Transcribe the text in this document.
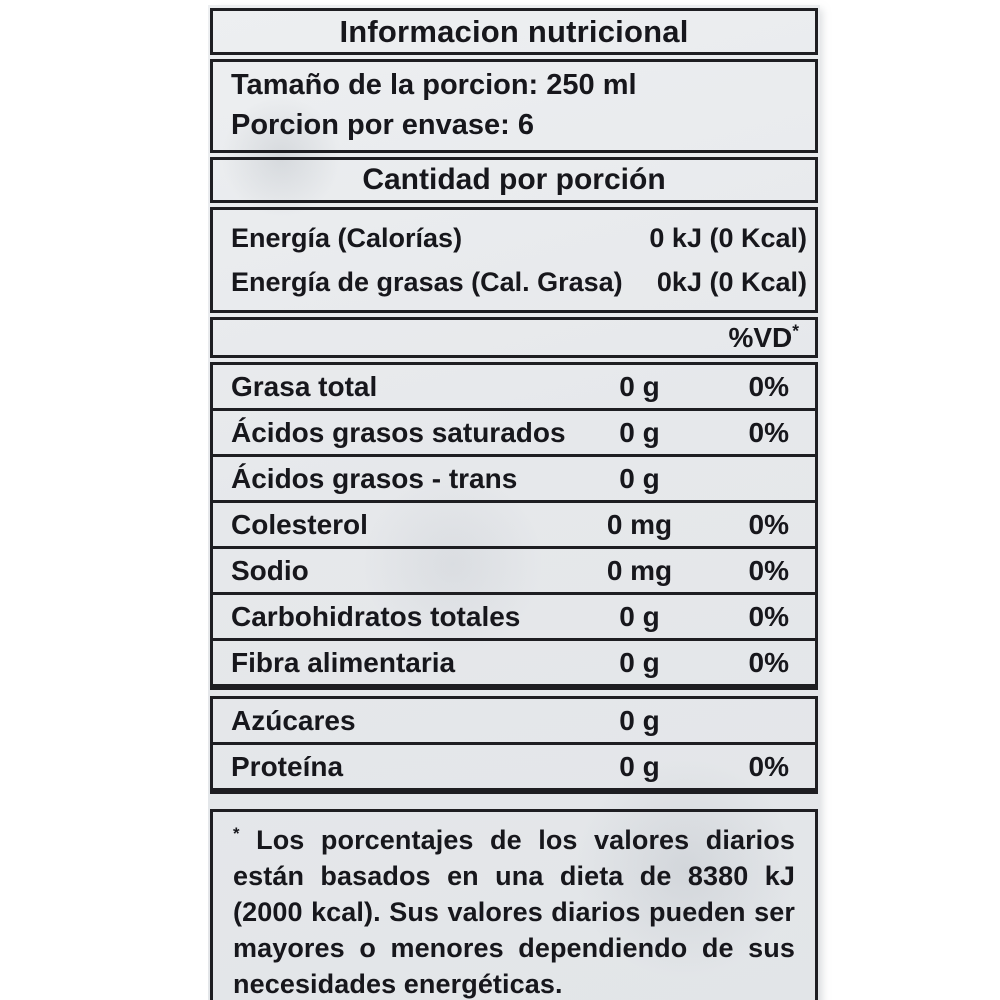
Informacion nutricional
Tamaño de la porcion: 250 ml
Porcion por envase: 6
Cantidad por porción
Energía (Calorías)	0 kJ (0 Kcal)
Energía de grasas (Cal. Grasa)	0kJ (0 Kcal)
%VD*
Grasa total	0 g	0%
Ácidos grasos saturados	0 g	0%
Ácidos grasos - trans	0 g
Colesterol	0 mg	0%
Sodio	0 mg	0%
Carbohidratos totales	0 g	0%
Fibra alimentaria	0 g	0%
Azúcares	0 g
Proteína	0 g	0%
* Los porcentajes de los valores diarios están basados en una dieta de 8380 kJ (2000 kcal). Sus valores diarios pueden ser mayores o menores dependiendo de sus necesidades energéticas.
